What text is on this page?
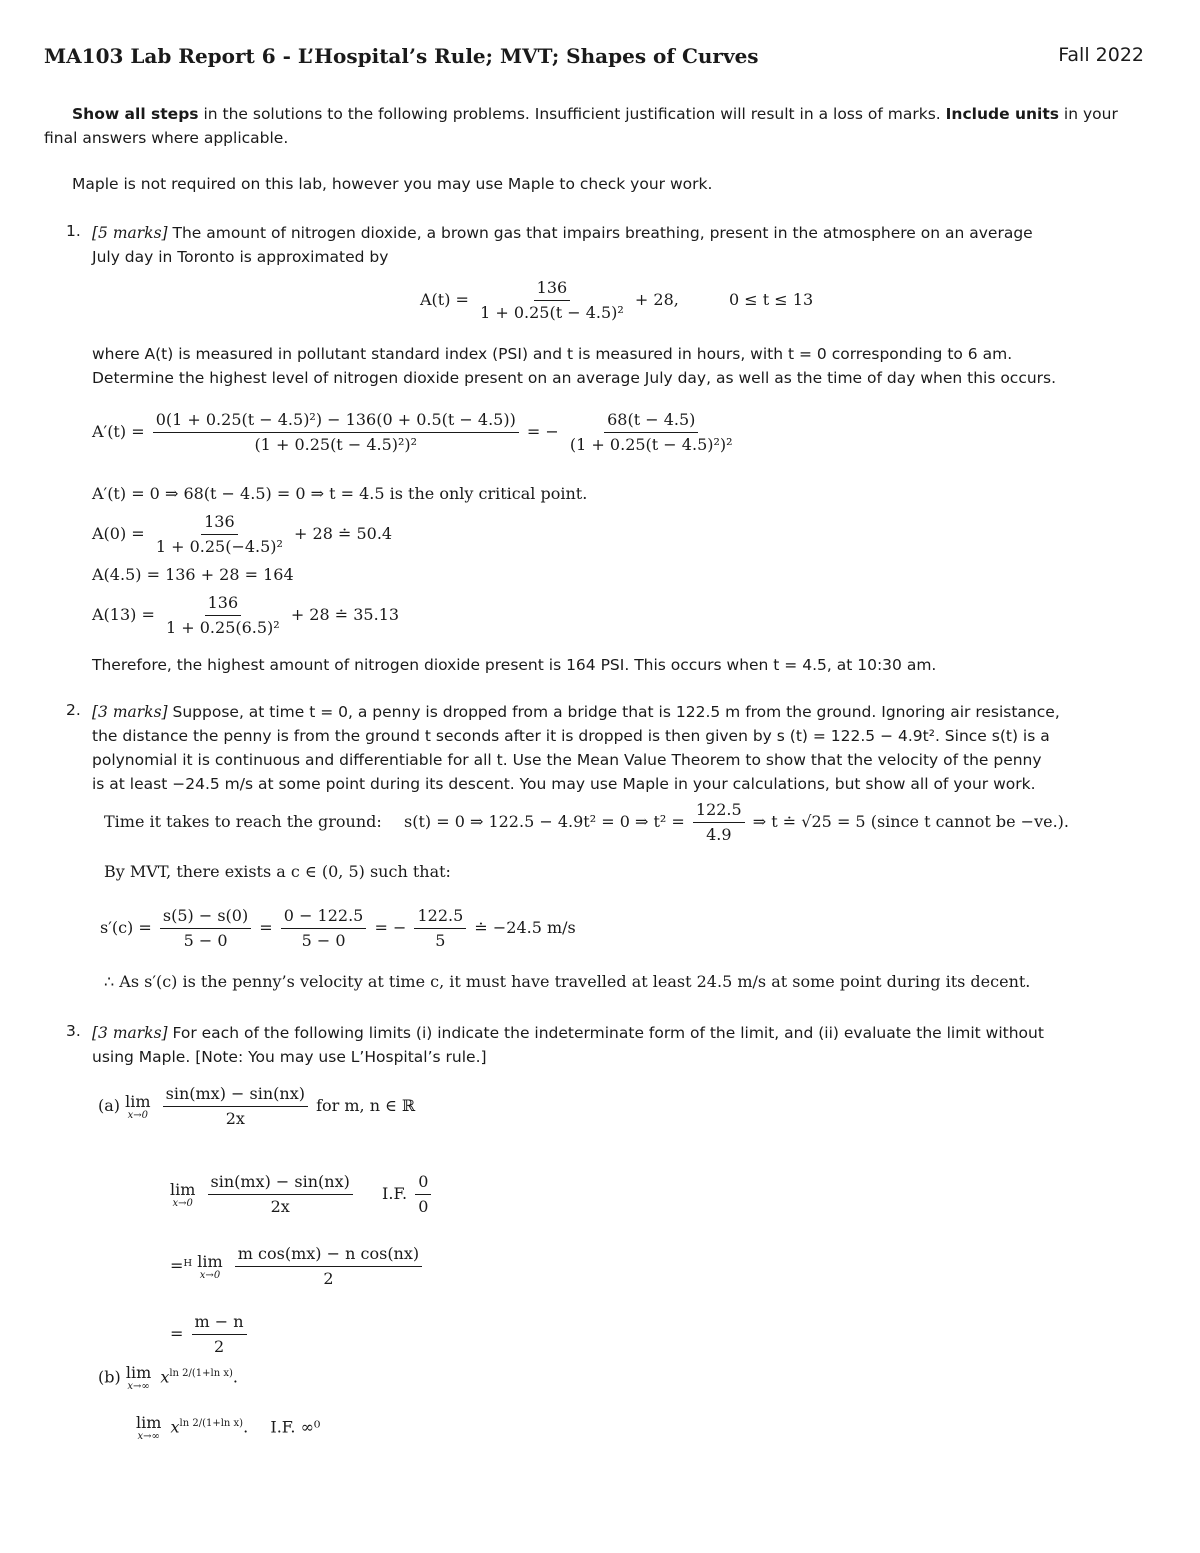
MA103 Lab Report 6 - L’Hospital’s Rule; MVT; Shapes of Curves	Fall 2022
Show all steps in the solutions to the following problems. Insufficient justification will result in a loss of marks. Include units in your final answers where applicable.
Maple is not required on this lab, however you may use Maple to check your work.
1. [5 marks] The amount of nitrogen dioxide, a brown gas that impairs breathing, present in the atmosphere on an average
July day in Toronto is approximated by
$A(t) = \frac{136}{\text{1 + 0.25(t − 4.5)²}} + 28$,	0 ≤ t ≤ 13
where A(t) is measured in pollutant standard index (PSI) and t is measured in hours, with t = 0 corresponding to 6 am.
Determine the highest level of nitrogen dioxide present on an average July day, as well as the time of day when this occurs.
$A'(t) = \frac{\text{0(1 + 0.25(t − 4.5)²) − 136(0 + 0.5(t − 4.5))}}{\text{(1 + 0.25(t − 4.5)²)²}}$ = − $\frac{68(t - 4.5)}{\text{(1 + 0.25(t − 4.5)²)²}}$
A′(t) = 0 ⇒ 68(t − 4.5) = 0 ⇒ t = 4.5 is the only critical point.
$A(0) = \frac{136}{\text{1 + 0.25(−4.5)²}} + 28$ ≐ 50.4
A(4.5) = 136 + 28 = 164
$A(13) = \frac{136}{\text{1 + 0.25(6.5)²}} + 28$ ≐ 35.13
Therefore, the highest amount of nitrogen dioxide present is 164 PSI. This occurs when t = 4.5, at 10:30 am.
2. [3 marks] Suppose, at time t = 0, a penny is dropped from a bridge that is 122.5 m from the ground. Ignoring air resistance,
the distance the penny is from the ground t seconds after it is dropped is then given by s (t) = 122.5 − 4.9t². Since s(t) is a
polynomial it is continuous and differentiable for all t. Use the Mean Value Theorem to show that the velocity of the penny
is at least −24.5 m/s at some point during its descent. You may use Maple in your calculations, but show all of your work.
Time it takes to reach the ground: s(t) = 0 ⇒ 122.5 − 4.9t² = 0 ⇒ $t^2 = \frac{122.5}{4.9}$ ⇒ t ≐ √25 = 5 (since t cannot be −ve.).
By MVT, there exists a c ∈ (0, 5) such that:
$s'(c) = \frac{s(5) - s(0)}{5 - 0} = \frac{0 - 122.5}{5 - 0}$ = − $\frac{122.5}{5}$ ≐ −24.5 m/s
∴ As s′(c) is the penny’s velocity at time c, it must have travelled at least 24.5 m/s at some point during its decent.
3. [3 marks] For each of the following limits (i) indicate the indeterminate form of the limit, and (ii) evaluate the limit without
using Maple. [Note: You may use L’Hospital’s rule.]
(a) lim
x→0
$\frac{\sin(mx) - \sin(nx)}{2x}$ for m, n ∈ ℝ
lim
x→0
$\frac{\sin(mx) - \sin(nx)}{2x} I.F$. $\frac{0}{0}$
=ᴴ lim
x→0
$\frac{\text{m cos(mx) − n cos(nx)}}{2}$
= $\frac{m - n}{2}$
(b) lim
x→∞ $x^{ln 2/(1+ln x)}$.
lim
x→∞ $x^{ln 2/(1+ln x)}$. I.F. ∞⁰
